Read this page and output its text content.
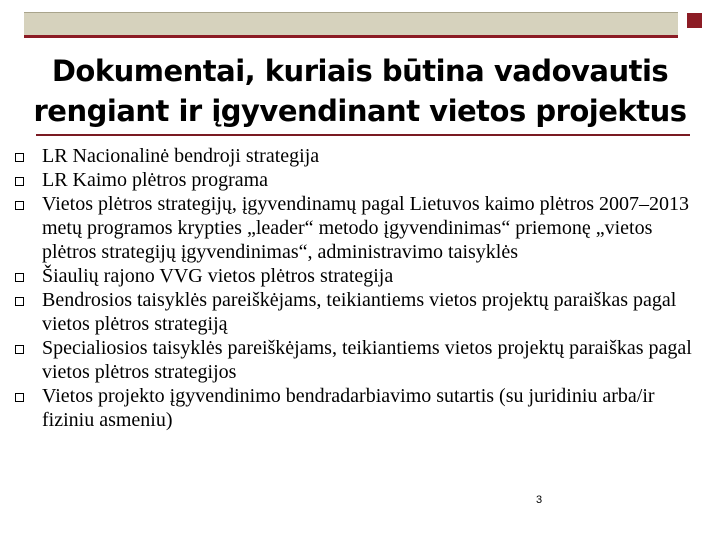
Dokumentai, kuriais būtina vadovautis
rengiant ir įgyvendinant vietos projektus
LR Nacionalinė bendroji strategija
LR Kaimo plėtros programa
Vietos plėtros strategijų, įgyvendinamų pagal Lietuvos kaimo plėtros 2007–2013 metų programos krypties „leader“ metodo įgyvendinimas“ priemonę „vietos plėtros strategijų įgyvendinimas“, administravimo taisyklės
Šiaulių rajono VVG vietos plėtros strategija
Bendrosios taisyklės pareiškėjams, teikiantiems vietos projektų paraiškas pagal vietos plėtros strategiją
Specialiosios taisyklės pareiškėjams, teikiantiems vietos projektų paraiškas pagal vietos plėtros strategijos
Vietos projekto įgyvendinimo bendradarbiavimo sutartis (su juridiniu arba/ir fiziniu asmeniu)
3
